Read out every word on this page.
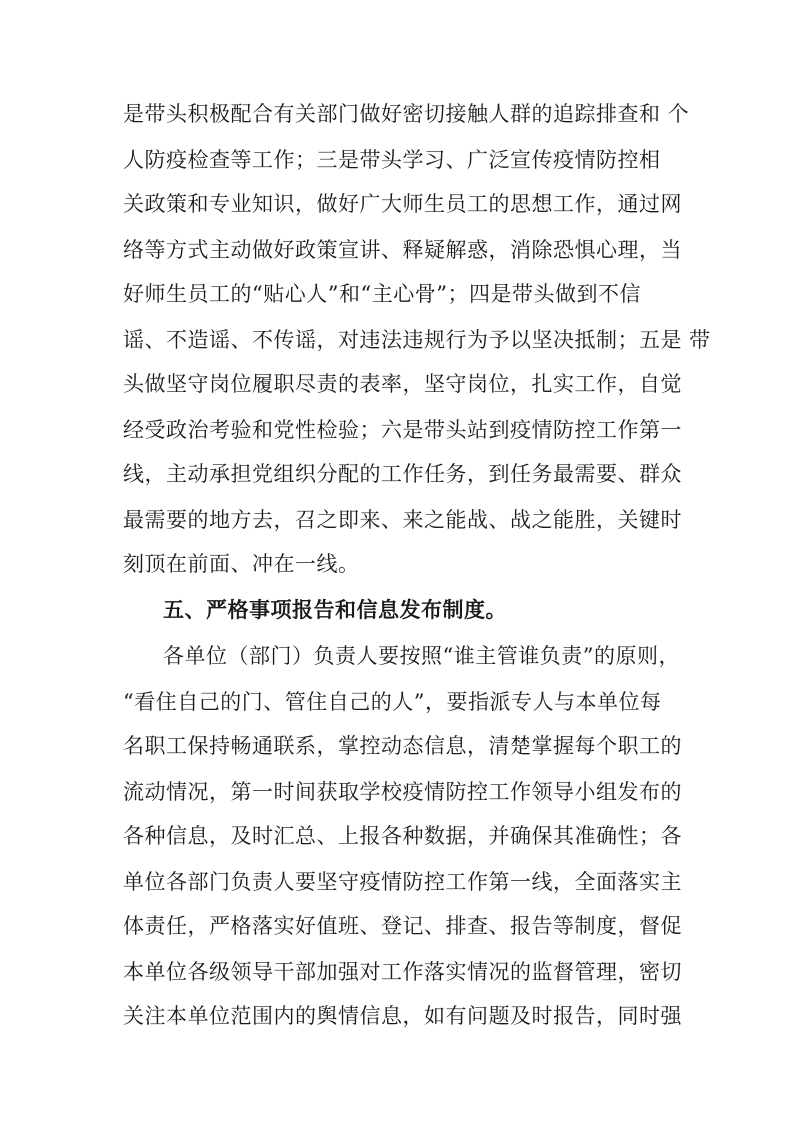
是带头积极配合有关部门做好密切接触人群的追踪排查和 个
人防疫检查等工作；三是带头学习、广泛宣传疫情防控相
关政策和专业知识，做好广大师生员工的思想工作，通过网
络等方式主动做好政策宣讲、释疑解惑，消除恐惧心理，当
好师生员工的“贴心人”和“主心骨”；四是带头做到不信
谣、不造谣、不传谣，对违法违规行为予以坚决抵制；五是 带
头做坚守岗位履职尽责的表率，坚守岗位，扎实工作，自觉
经受政治考验和党性检验；六是带头站到疫情防控工作第一
线，主动承担党组织分配的工作任务，到任务最需要、群众
最需要的地方去，召之即来、来之能战、战之能胜，关键时
刻顶在前面、冲在一线。
五、严格事项报告和信息发布制度。
各单位（部门）负责人要按照“谁主管谁负责”的原则，
“看住自己的门、管住自己的人”，要指派专人与本单位每
名职工保持畅通联系，掌控动态信息，清楚掌握每个职工的
流动情况，第一时间获取学校疫情防控工作领导小组发布的
各种信息，及时汇总、上报各种数据，并确保其准确性；各
单位各部门负责人要坚守疫情防控工作第一线，全面落实主
体责任，严格落实好值班、登记、排查、报告等制度，督促
本单位各级领导干部加强对工作落实情况的监督管理，密切
关注本单位范围内的舆情信息，如有问题及时报告，同时强
